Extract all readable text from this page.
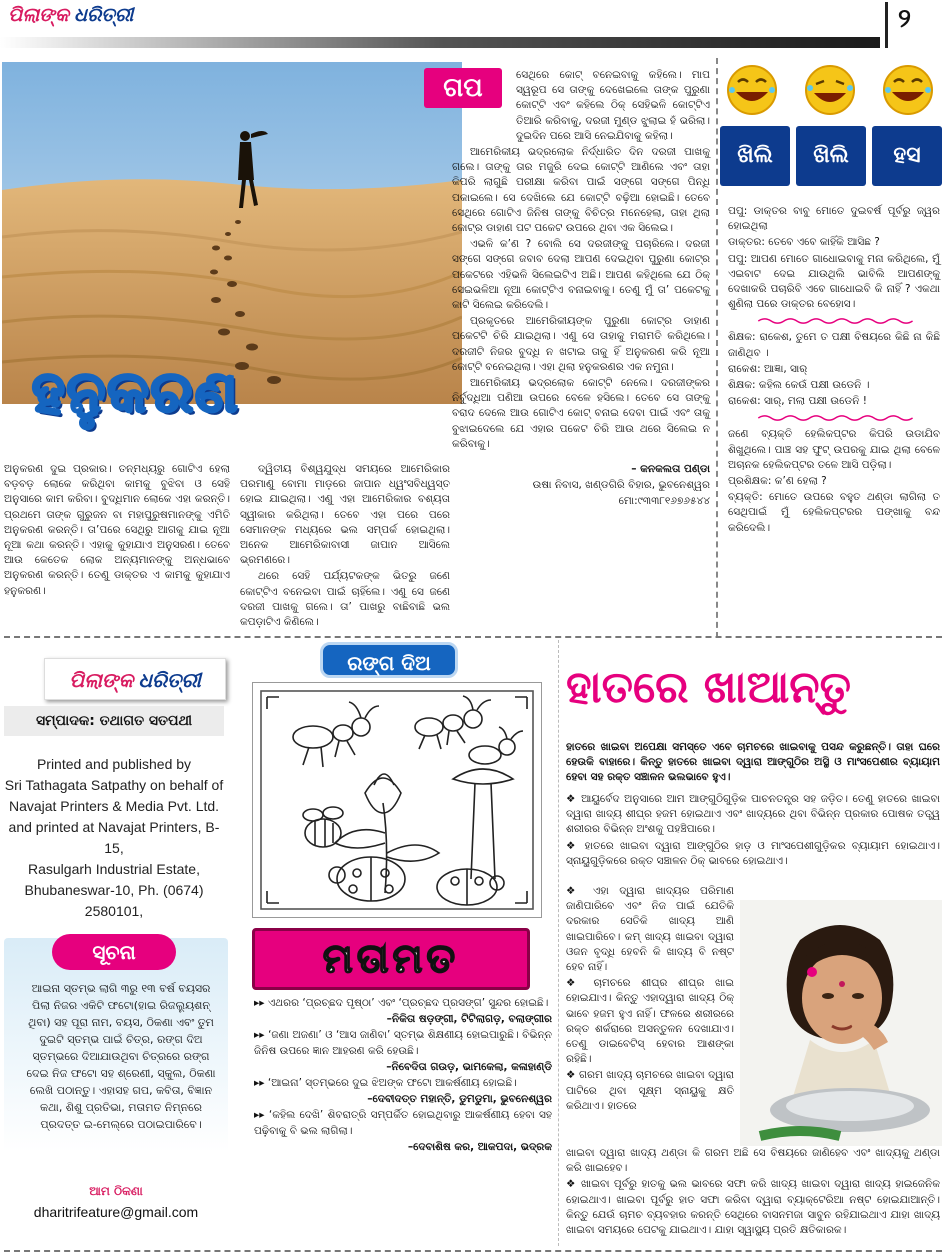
ପିଲାଙ୍କ ଧରିତ୍ରୀ	୨
ହନୁକରଣ
ଗପ	ସେଥିରେ କୋଟ୍ ବନେଇବାକୁ କହିଲେ। ମାପ ସ୍ୱରୂପ ସେ ତାଙ୍କୁ ଦେଖେଇଲେ ତାଙ୍କ ପୁରୁଣା କୋଟ୍‌ଟି ଏବଂ କହିଲେ ଠିକ୍ ସେହିଭଳି କୋଟ୍‌ଟିଏ ତିଆରି କରିବାକୁ, ଦରଜୀ ମୁଣ୍ଡ ଝୁଲାଇ ହଁ ଭରିଲା। ଦୁଇଦିନ ପରେ ଆସି ନେଇଯିବାକୁ କହିଲା।

ଆମେରିକୀୟ ଭଦ୍ରଲୋକ ନିର୍ଦ୍ଧାରିତ ଦିନ ଦରଜୀ ପାଖକୁ ଗଲେ। ତାଙ୍କୁ ତାର ମଜୁରି ଦେଇ କୋଟ୍‌ଟି ଆଣିଲେ ଏବଂ ତାହା କିପରି ଲାଗୁଛି ପରୀକ୍ଷା କରିବା ପାଇଁ ସଙ୍ଗେ ସଙ୍ଗେ ପିନ୍ଧି ପକାଇଲେ। ସେ ଦେଖିଲେ ଯେ କୋଟ୍‌ଟି ବଢ଼ିଆ ହୋଇଛି। ତେବେ ସେଥିରେ ଗୋଟିଏ ଜିନିଷ ତାଙ୍କୁ ବିଚିତ୍ର ମନେହେଲା, ତାହା ଥିଲା କୋଟ୍‌ର ଡାହାଣ ପଟ ପକେଟ ଉପରେ ଥିବା ଏକ ସିଲେଇ।

ଏଭଳି କ’ଣ ? ବୋଲି ସେ ଦରଜୀଙ୍କୁ ପଚାରିଲେ। ଦରଜୀ ସଙ୍ଗେ ସଙ୍ଗେ ଜବାବ ଦେଲା ଆପଣ ଦେଇଥିବା ପୁରୁଣା କୋଟ୍‌ର ପକେଟରେ ଏହିଭଳି ସିଲେଇଟିଏ ଅଛି। ଆପଣ କହିଥିଲେ ଯେ ଠିକ୍ ସେଇଭଳିଆ ନୂଆ କୋଟ୍‌ଟିଏ ବନାଇବାକୁ। ତେଣୁ ମୁଁ ତା’ ପକେଟକୁ କାଟି ସିଲେଇ କରିଦେଲି।

ପ୍ରକୃତରେ ଆମେରିକୀୟଙ୍କ ପୁରୁଣା କୋଟ୍‌ର ଡାହାଣ ପକେଟଟି ଚିରି ଯାଇଥିଲା। ଏଣୁ ସେ ତାହାକୁ ମରାମତି କରିଥିଲେ। ଦରଜୀଟି ନିଜର ବୁଦ୍ଧି ନ ଖଟାଇ ତାକୁ ହିଁ ଅନୁକରଣ କରି ନୂଆ କୋଟ୍‌ଟି ବନେଇଥିଲା। ଏହା ଥିଲା ହନୁକରଣର ଏକ ନମୁନା।

ଆମେରିକୀୟ ଭଦ୍ରଲୋକ କୋଟ୍‌ଟି ନେଲେ। ଦରଜୀଙ୍କର ନିର୍ବୁଦ୍ଧିଆ ପଣିଆ ଉପରେ ବେଳେ ହସିଲେ। ତେବେ ସେ ତାଙ୍କୁ ବରାଦ ଦେଲେ ଆଉ ଗୋଟିଏ କୋଟ୍ ବନାଇ ଦେବା ପାଇଁ ଏବଂ ତାକୁ ବୁଝାଇଦେଲେ ଯେ ଏହାର ପକେଟ ଚିରି ଆଉ ଥରେ ସିଲେଇ ନ କରିବାକୁ।

– କନକଲତା ପଣ୍ଡା

ଉଷା ନିବାସ, ଖଣ୍ଡଗିରି ବିହାର, ଭୁବନେଶ୍ୱର

ମୋ:୯୩୩୮୧୬୭୬୫୪୪

ଅନୁକରଣ ଦୁଇ ପ୍ରକାର। ତନ୍ମଧ୍ୟରୁ ଗୋଟିଏ ହେଲା ବଡ଼ବଡ଼ ଲୋକେ କରିଥିବା କାମକୁ ବୁଝିବା ଓ ସେହି ଅନୁସାରେ କାମ କରିବା। ବୁଦ୍ଧିମାନ ଲୋକେ ଏହା କରନ୍ତି। ପ୍ରଥମେ ତାଙ୍କ ଗୁରୁଜନ ବା ମହାପୁରୁଷମାନଙ୍କୁ ଏମିତି ଅନୁକରଣ କରନ୍ତି। ତା’ପରେ ସେଥିରୁ ଆଗକୁ ଯାଇ ନୂଆ ନୂଆ କଥା କରନ୍ତି। ଏହାକୁ କୁହାଯାଏ ଅନୁସରଣ। ତେବେ ଆଉ କେତେକ ଲୋକ ଅନ୍ୟମାନଙ୍କୁ ଅନ୍ଧଭାବେ ଅନୁକରଣ କରନ୍ତି। ତେଣୁ ଡାକ୍ତର ଏ କାମକୁ କୁହାଯାଏ ହନୁକରଣ।

ଦ୍ୱିତୀୟ ବିଶ୍ୱଯୁଦ୍ଧ ସମୟରେ ଆମେରିକାର ପରମାଣୁ ବୋମା ମାଡ଼ରେ ଜାପାନ ଧ୍ୱଂସବିଧ୍ୱସ୍ତ ହୋଇ ଯାଇଥିଲା। ଏଣୁ ଏହା ଆମେରିକାର ବଶ୍ୟତା ସ୍ୱୀକାର କରିଥିଲା। ତେବେ ଏହା ପରେ ପରେ ସେମାନଙ୍କ ମଧ୍ୟରେ ଭଲ ସମ୍ପର୍କ ହୋଇଥିଲା। ଅନେକ ଆମେରିକାବାସୀ ଜାପାନ ଆସିଲେ ଭ୍ରମଣରେ।

ଥରେ ସେହି ପର୍ଯ୍ୟଟକଙ୍କ ଭିତରୁ ଜଣେ କୋଟ୍‌ଟିଏ ବନେଇବା ପାଇଁ ଚାହିଁଲେ। ଏଣୁ ସେ ଜଣେ ଦରଜୀ ପାଖକୁ ଗଲେ। ତା’ ପାଖରୁ ବାଛିବାଛି ଭଲ କପଡ଼ାଟିଏ କିଣିଲେ।

ଖିଲି	ଖିଲି	ହସ

ପପୁ: ଡାକ୍ତର ବାବୁ ମୋତେ ଦୁଇବର୍ଷ ପୂର୍ବରୁ ଜ୍ୱର ହୋଇଥିଲା

ଡାକ୍ତର: ତେବେ ଏବେ କାହିଁକି ଆସିଛ ?

ପପୁ: ଆପଣ ମୋତେ ଗାଧୋଇବାକୁ ମନା କରିଥିଲେ, ମୁଁ ଏଇବାଟ ଦେଇ ଯାଉଥିଲି ଭାବିଲି ଆପଣଙ୍କୁ ଦେଖାକରି ପଚାରିବି ଏବେ ଗାଧୋଇବି କି ନାହିଁ ? ଏକଥା ଶୁଣିଲା ପରେ ଡାକ୍ତର ବେହୋସ।

ଶିକ୍ଷକ: ରାକେଶ, ତୁମେ ତ ପକ୍ଷୀ ବିଷୟରେ କିଛି ନା କିଛି ଜାଣିଥିବ ।

ରାକେଶ: ଆଜ୍ଞା, ସାର୍

ଶିକ୍ଷକ: କହିଲ କେଉଁ ପକ୍ଷୀ ଉଡେନି ।

ରାକେଶ: ସାର୍, ମଲା ପକ୍ଷୀ ଉଡେନି !

ଜଣେ ବ୍ୟକ୍ତି ହେଲିକପ୍ଟର କିପରି ଉଡାଯିବ ଶିଖୁଥିଲେ। ପାଞ୍ଚ ସହ ଫୁଟ୍ ଉପରକୁ ଯାଇ ଥିଲା ବେଳେ ଅଚାନକ ହେଲିକପ୍ଟର ତଳେ ଆସି ପଡ଼ିଲା।

ପ୍ରଶିକ୍ଷକ: କ’ଣ ହେଲା ?

ବ୍ୟକ୍ତି: ମୋତେ ଉପରେ ବହୁତ ଥଣ୍ଡା ଲାଗିଲା ତ ସେଥିପାଇଁ ମୁଁ ହେଲିକପ୍ଟରର ପଙ୍ଖାକୁ ବନ୍ଦ କରିଦେଲି।

ପିଲାଙ୍କ ଧରିତ୍ରୀ
ସମ୍ପାଦକ: ତଥାଗତ ସତପଥୀ
Printed and published by
Sri Tathagata Satpathy on behalf of
Navajat Printers & Media Pvt. Ltd.
and printed at Navajat Printers, B-15,
Rasulgarh Industrial Estate,
Bhubaneswar-10, Ph. (0674) 2580101,
ସୂଚନା
ଆଇନା ସ୍ତମ୍ଭ ଲାଗି ୩ରୁ ୧୩ ବର୍ଷ ବୟସର ପିଲା ନିଜର ଏକିଟି ଫଟୋ(ହାଇ ରିଜଲ୍ୟୁଶନ୍ ଥିବା) ସହ ପୂରା ନାମ, ବୟସ, ଠିକଣା ଏବଂ ତୁମ ଦୁଇଟି ସ୍ତମ୍ଭ ପାଇଁ ଚିତ୍ର, ରଙ୍ଗ ଦିଅ ସ୍ତମ୍ଭରେ ଦିଆଯାଉଥିବା ଚିତ୍ରରେ ରଙ୍ଗ ଦେଇ ନିଜ ଫଟୋ ସହ ଶ୍ରେଣୀ, ସ୍କୁଲ, ଠିକଣା ଲେଖି ପଠାନ୍ତୁ। ଏହାସହ ଗପ, କବିତା, ବିଜ୍ଞାନ କଥା, ଶିଶୁ ପ୍ରତିଭା, ମତାମତ ନିମ୍ନରେ ପ୍ରଦତ୍ତ ଇ-ମେଲ୍‌ରେ ପଠାଇପାରିବେ।
ଆମ ଠିକଣା
dharitrifeature@gmail.com
ରଙ୍ଗ ଦିଅ
ମତାମତ

▸▸ ଏଥରର ‘ପ୍ରଚ୍ଛଦ ପୃଷ୍ଠା’ ଏବଂ ‘ପ୍ରଚ୍ଛଦ ପ୍ରସଙ୍ଗ’ ସୁନ୍ଦର ହୋଇଛି।

–ନିକିତା ଷଡ଼ଙ୍ଗୀ, ଟିଟିଲାଗଡ଼, ବଲାଙ୍ଗୀର

▸▸ ‘ଜଣା ଅଜଣା’ ଓ ‘ଆସ ଜାଣିବା’ ସ୍ତମ୍ଭ ଶିକ୍ଷଣୀୟ ହୋଇପାରୁଛି। ବିଭିନ୍ନ ଜିନିଷ ଉପରେ ଜ୍ଞାନ ଆହରଣ କରି ହେଉଛି।

–ନିବେଦିତା ଗଉଡ଼, ଭାମକେଲା, କଳାହାଣ୍ଡି

▸▸ ‘ଆଇନା’ ସ୍ତମ୍ଭରେ ଦୁଇ ଝିଅଙ୍କ ଫଟୋ ଆକର୍ଷଣୀୟ ହୋଇଛି।

–ଦେବୀଦତ୍ତ ମହାନ୍ତି, ଡୁମଡୁମା, ଭୁବନେଶ୍ୱର

▸▸ ‘କହିଲ ଦେଖି’ ଶିବରାତ୍ରି ସମ୍ପର୍କିତ ହୋଇଥିବାରୁ ଆକର୍ଷଣୀୟ ହେବା ସହ ପଢ଼ିବାକୁ ବି ଭଲ ଲାଗିଲା।

–ଦେବାଶିଷ କର, ଆକପଦା, ଭଦ୍ରକ

ହାତରେ ଖାଆନ୍ତୁ
ହାତରେ ଖାଇବା ଅପେକ୍ଷା ସମସ୍ତେ ଏବେ ଚାମଚରେ ଖାଇବାକୁ ପସନ୍ଦ କରୁଛନ୍ତି। ତାହା ଘରେ ହେଉକି ବାହାରେ। କିନ୍ତୁ ହାତରେ ଖାଇବା ଦ୍ୱାରା ଆଙ୍ଗୁଠିର ଅସ୍ଥି ଓ ମାଂସପେଶୀର ବ୍ୟାୟାମ ହେବା ସହ ରକ୍ତ ସଞ୍ଚାଳନ ଭଲଭାବେ ହୁଏ।

❖ ଆୟୁର୍ବେଦ ଅନୁସାରେ ଆମ ଆଙ୍ଗୁଠିଗୁଡ଼ିକ ପାଚନତନ୍ତ୍ର ସହ ଜଡ଼ିତ। ତେଣୁ ହାତରେ ଖାଇବା ଦ୍ୱାରା ଖାଦ୍ୟ ଶୀଘ୍ର ହଜମ ହୋଇଥାଏ ଏବଂ ଖାଦ୍ୟରେ ଥିବା ବିଭିନ୍ନ ପ୍ରକାର ପୋଷକ ତତ୍ତ୍ୱ ଶରୀରର ବିଭିନ୍ନ ଅଂଶକୁ ପହଞ୍ଚିପାରେ।

❖ ହାତରେ ଖାଇବା ଦ୍ୱାରା ଆଙ୍ଗୁଠିର ହାଡ଼ ଓ ମାଂସପେଶୀଗୁଡ଼ିକର ବ୍ୟାୟାମ ହୋଇଥାଏ। ସ୍ନାୟୁଗୁଡ଼ିକରେ ରକ୍ତ ସଞ୍ଚାଳନ ଠିକ୍ ଭାବରେ ହୋଇଥାଏ।

❖ ଏହା ଦ୍ୱାରା ଖାଦ୍ୟର ପରିମାଣ ଜାଣିପାରିବେ ଏବଂ ନିଜ ପାଇଁ ଯେତିକି ଦରକାର ସେତିକି ଖାଦ୍ୟ ଆଣି ଖାଇପାରିବେ। କମ୍ ଖାଦ୍ୟ ଖାଇବା ଦ୍ୱାରା ଓଜନ ବୃଦ୍ଧି ହେବନି କି ଖାଦ୍ୟ ବି ନଷ୍ଟ ହେବ ନାହିଁ।

❖ ଚାମଚରେ ଶୀଘ୍ର ଶୀଘ୍ର ଖାଇ ହୋଇଯାଏ। କିନ୍ତୁ ଏହାଦ୍ୱାରା ଖାଦ୍ୟ ଠିକ୍ ଭାବେ ହଜମ ହୁଏ ନାହିଁ। ଫଳରେ ଶରୀରରେ ରକ୍ତ ଶର୍କରାରେ ଅସନ୍ତୁଳନ ଦେଖାଯାଏ। ତେଣୁ ଡାଇବେଟିସ୍ ହେବାର ଆଶଙ୍କା ରହିଛି।

❖ ଗରମ ଖାଦ୍ୟ ଚାମଚରେ ଖାଇବା ଦ୍ୱାରା ପାଟିରେ ଥିବା ସୂକ୍ଷ୍ମ ସ୍ନାୟୁକୁ କ୍ଷତି କରିଥାଏ। ହାତରେ

ଖାଇବା ଦ୍ୱାରା ଖାଦ୍ୟ ଥଣ୍ଡା କି ଗରମ ଅଛି ସେ ବିଷୟରେ ଜାଣିହେବ ଏବଂ ଖାଦ୍ୟକୁ ଥଣ୍ଡା କରି ଖାଇହେବ।

❖ ଖାଇବା ପୂର୍ବରୁ ହାତକୁ ଭଲ ଭାବରେ ସଫା କରି ଖାଦ୍ୟ ଖାଇବା ଦ୍ୱାରା ଖାଦ୍ୟ ହାଇଜେନିକ ହୋଇଥାଏ। ଖାଇବା ପୂର୍ବରୁ ହାତ ସଫା କରିବା ଦ୍ୱାରା ବ୍ୟାକ୍ଟେରିଆ ନଷ୍ଟ ହୋଇଯାଆନ୍ତି। କିନ୍ତୁ ଯେଉଁ ଚାମଚ ବ୍ୟବହାର କରନ୍ତି ସେଥିରେ ବାସନମଜା ସାବୁନ ରହିଯାଇଥାଏ ଯାହା ଖାଦ୍ୟ ଖାଇବା ସମୟରେ ପେଟକୁ ଯାଇଥାଏ। ଯାହା ସ୍ୱାସ୍ଥ୍ୟ ପ୍ରତି କ୍ଷତିକାରକ।
